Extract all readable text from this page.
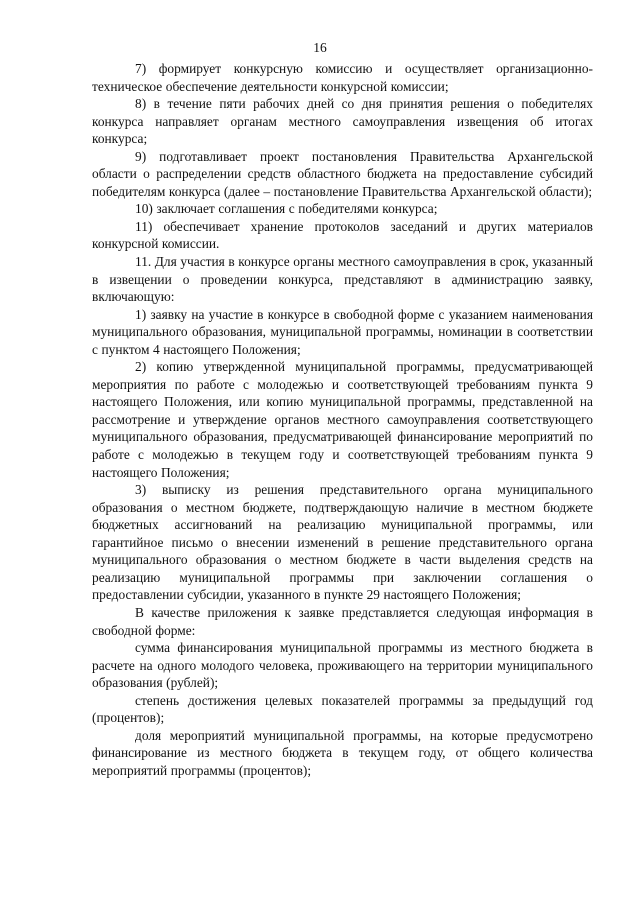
16

7) формирует конкурсную комиссию и осуществляет организационно-техническое обеспечение деятельности конкурсной комиссии;

8) в течение пяти рабочих дней со дня принятия решения о победителях конкурса направляет органам местного самоуправления извещения об итогах конкурса;

9) подготавливает проект постановления Правительства Архангельской области о распределении средств областного бюджета на предоставление субсидий победителям конкурса (далее – постановление Правительства Архангельской области);

10) заключает соглашения с победителями конкурса;

11) обеспечивает хранение протоколов заседаний и других материалов конкурсной комиссии.

11. Для участия в конкурсе органы местного самоуправления в срок, указанный в извещении о проведении конкурса, представляют в администрацию заявку, включающую:

1) заявку на участие в конкурсе в свободной форме с указанием наименования муниципального образования, муниципальной программы, номинации в соответствии с пунктом 4 настоящего Положения;

2) копию утвержденной муниципальной программы, предусматривающей мероприятия по работе с молодежью и соответствующей требованиям пункта 9 настоящего Положения, или копию муниципальной программы, представленной на рассмотрение и утверждение органов местного самоуправления соответствующего муниципального образования, предусматривающей финансирование мероприятий по работе с молодежью в текущем году и соответствующей требованиям пункта 9 настоящего Положения;

3) выписку из решения представительного органа муниципального образования о местном бюджете, подтверждающую наличие в местном бюджете бюджетных ассигнований на реализацию муниципальной программы, или гарантийное письмо о внесении изменений в решение представительного органа муниципального образования о местном бюджете в части выделения средств на реализацию муниципальной программы при заключении соглашения о предоставлении субсидии, указанного в пункте 29 настоящего Положения;

В качестве приложения к заявке представляется следующая информация в свободной форме:

сумма финансирования муниципальной программы из местного бюджета в расчете на одного молодого человека, проживающего на территории муниципального образования (рублей);

степень достижения целевых показателей программы за предыдущий год (процентов);

доля мероприятий муниципальной программы, на которые предусмотрено финансирование из местного бюджета в текущем году, от общего количества мероприятий программы (процентов);
